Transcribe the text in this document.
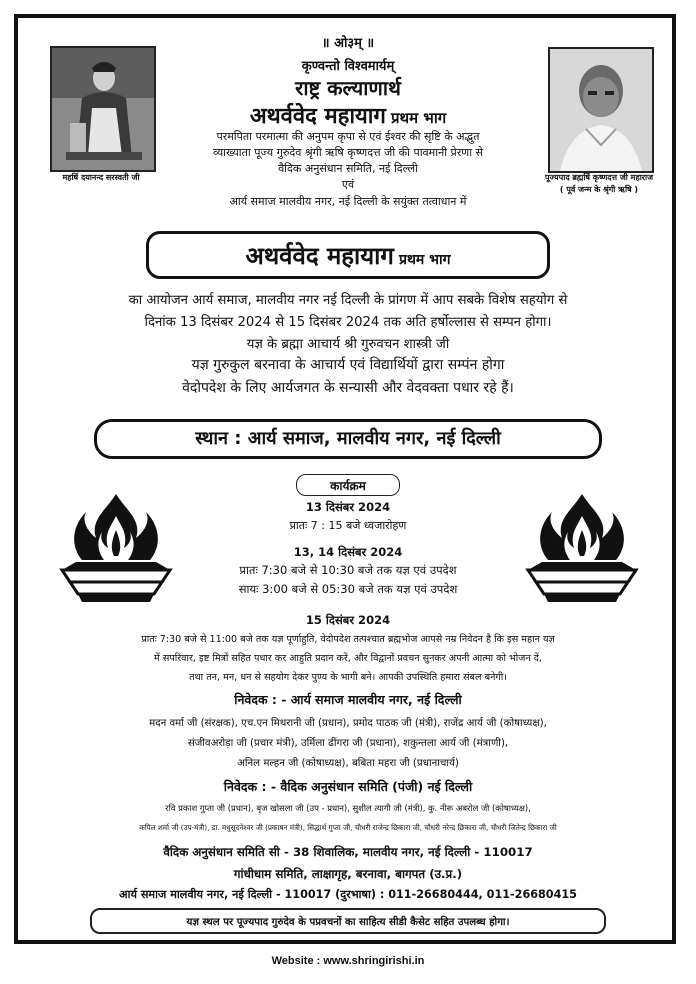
॥ ओ३म् ॥
कृण्वन्तो विश्वमार्यम्
राष्ट्र कल्याणार्थ
अथर्ववेद महायाग प्रथम भाग
परमपिता परमात्मा की अनुपम कृपा से एवं ईश्वर की सृष्टि के अद्भुत
व्याख्याता पूज्य गुरुदेव श्रृंगी ऋषि कृष्णदत्त जी की पावमानी प्रेरणा से
वैदिक अनुसंधान समिति, नई दिल्ली
एवं
आर्य समाज मालवीय नगर, नई दिल्ली के सयुंक्त तत्वाधान में
महर्षि दयानन्द सरस्वती जी	पूज्यपाद ब्रह्मर्षि कृष्णदत्त जी महाराज
( पूर्व जन्म के श्रृंगी ऋषि )
अथर्ववेद महायाग प्रथम भाग
का आयोजन आर्य समाज, मालवीय नगर नई दिल्ली के प्रांगण में आप सबके विशेष सहयोग से
दिनांक 13 दिसंबर 2024 से 15 दिसंबर 2024 तक अति हर्षोल्लास से सम्पन होगा।
यज्ञ के ब्रह्मा आचार्य श्री गुरुवचन शास्त्री जी
यज्ञ गुरुकुल बरनावा के आचार्य एवं विद्यार्थियों द्वारा सम्पंन होगा
वेदोपदेश के लिए आर्यजगत के सन्यासी और वेदवक्ता पधार रहे हैं।
स्थान : आर्य समाज, मालवीय नगर, नई दिल्ली
कार्यक्रम
13 दिसंबर 2024
प्रातः 7 : 15 बजे ध्वजारोहण
13, 14 दिसंबर 2024
प्रातः 7:30 बजे से 10:30 बजे तक यज्ञ एवं उपदेश
सायः 3:00 बजे से 05:30 बजे तक यज्ञ एवं उपदेश
15 दिसंबर 2024
प्रातः 7:30 बजे से 11:00 बजे तक यज्ञ पूर्णाहुति, वेदोपदेश तत्पश्चात ब्रह्मभोज आपसे नम्र निवेदन है कि इस महान यज्ञ
में सपरिवार, इष्ट मित्रों सहित पधार कर आहुति प्रदान करें, और विद्वानों प्रवचन सुनकर अपनी आत्मा को भोजन दें,
तथा तन, मन, धन से सहयोग देकर पुण्य के भागी बने। आपकी उपस्थिति हमारा संबल बनेगी।
निवेदक : - आर्य समाज मालवीय नगर, नई दिल्ली
मदन वर्मा जी (संरक्षक), एच.एन मिथरानी जी (प्रधान), प्रमोद पाठक जी (मंत्री), राजेंद्र आर्य जी (कोषाध्यक्ष),
संजीवअरोड़ा जी (प्रचार मंत्री), उर्मिला ढींगरा जी (प्रधाना), शकुन्तला आर्य जी (मंत्राणी),
अनिल मल्हन जी (कोषाध्यक्ष), बबिता महरा जी (प्रधानाचार्य)
निवेदक : - वैदिक अनुसंधान समिति (पंजी) नई दिल्ली
रवि प्रकाश गुप्ता जी (प्रधान), बृज खोसला जी (उप - प्रधान), सुशील त्यागी जी (मंत्री), कु. नीरू अबरोल जी (कोषाध्यक्ष),
कपिल शर्मा जी (उप-मंत्री), डा. मधुसूदनेश्वर जी (प्रकाषन मंत्री), सिद्धार्थ गुप्ता जी, चौधरी राजेन्द्र छिकारा जी, चौधरी नरेन्द्र छिकारा जी, चौधरी जितेन्द्र छिकारा जी
वैदिक अनुसंधान समिति सी - 38 शिवालिक, मालवीय नगर, नई दिल्ली - 110017
गांधीधाम समिति, लाक्षागृह, बरनावा, बागपत (उ.प्र.)
आर्य समाज मालवीय नगर, नई दिल्ली - 110017 (दुरभाषा) : 011-26680444, 011-26680415
यज्ञ स्थल पर पूज्यपाद गुरुदेव के पप्रवचनों का साहित्य सीडी कैसेट सहित उपलब्ध होगा।
Website : www.shringirishi.in
